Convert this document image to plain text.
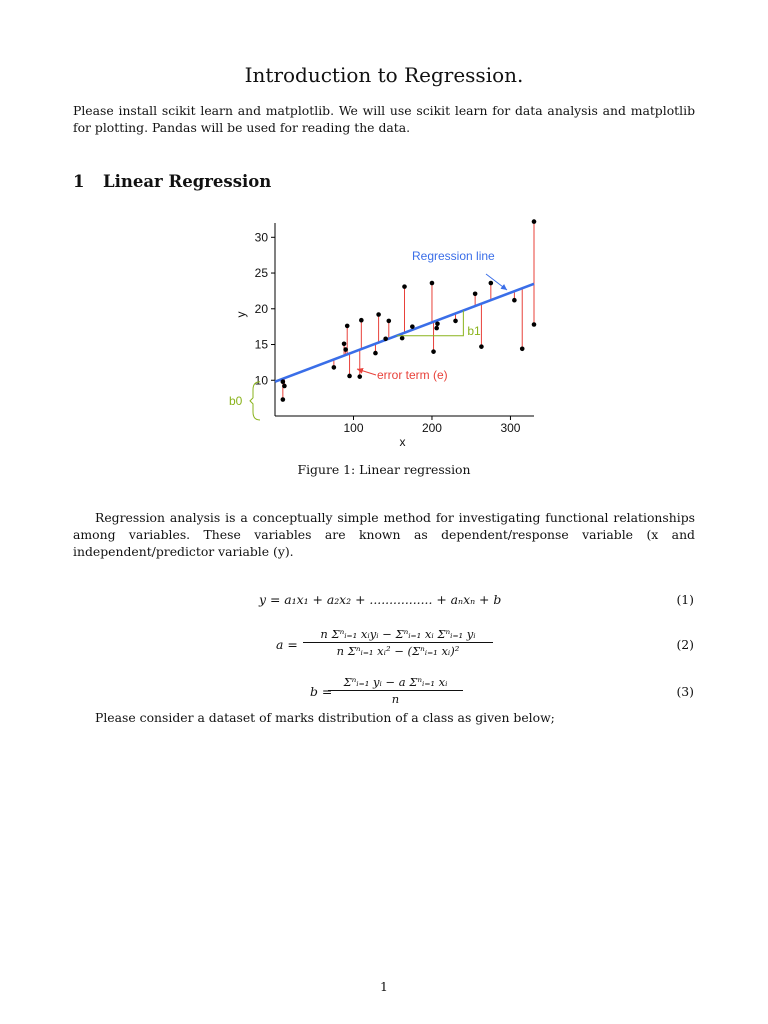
Introduction to Regression.
Please install scikit learn and matplotlib. We will use scikit learn for data analysis and matplotlib for plotting. Pandas will be used for reading the data.
1 Linear Regression
10
15
20
25
30
100	200	300
x
y
Regression line
error term (e)
b1
b0
Figure 1: Linear regression
Regression analysis is a conceptually simple method for investigating functional relationships among variables. These variables are known as dependent/response variable (x and independent/predictor variable (y).
y = a₁x₁ + a₂x₂ + ................ + aₙxₙ + b	(1)
a =
n Σⁿᵢ₌₁ xᵢyᵢ − Σⁿᵢ₌₁ xᵢ Σⁿᵢ₌₁ yᵢ
n Σⁿᵢ₌₁ xᵢ² − (Σⁿᵢ₌₁ xᵢ)²	(2)
b =
Σⁿᵢ₌₁ yᵢ − a Σⁿᵢ₌₁ xᵢ
n	(3)
Please consider a dataset of marks distribution of a class as given below;
1
